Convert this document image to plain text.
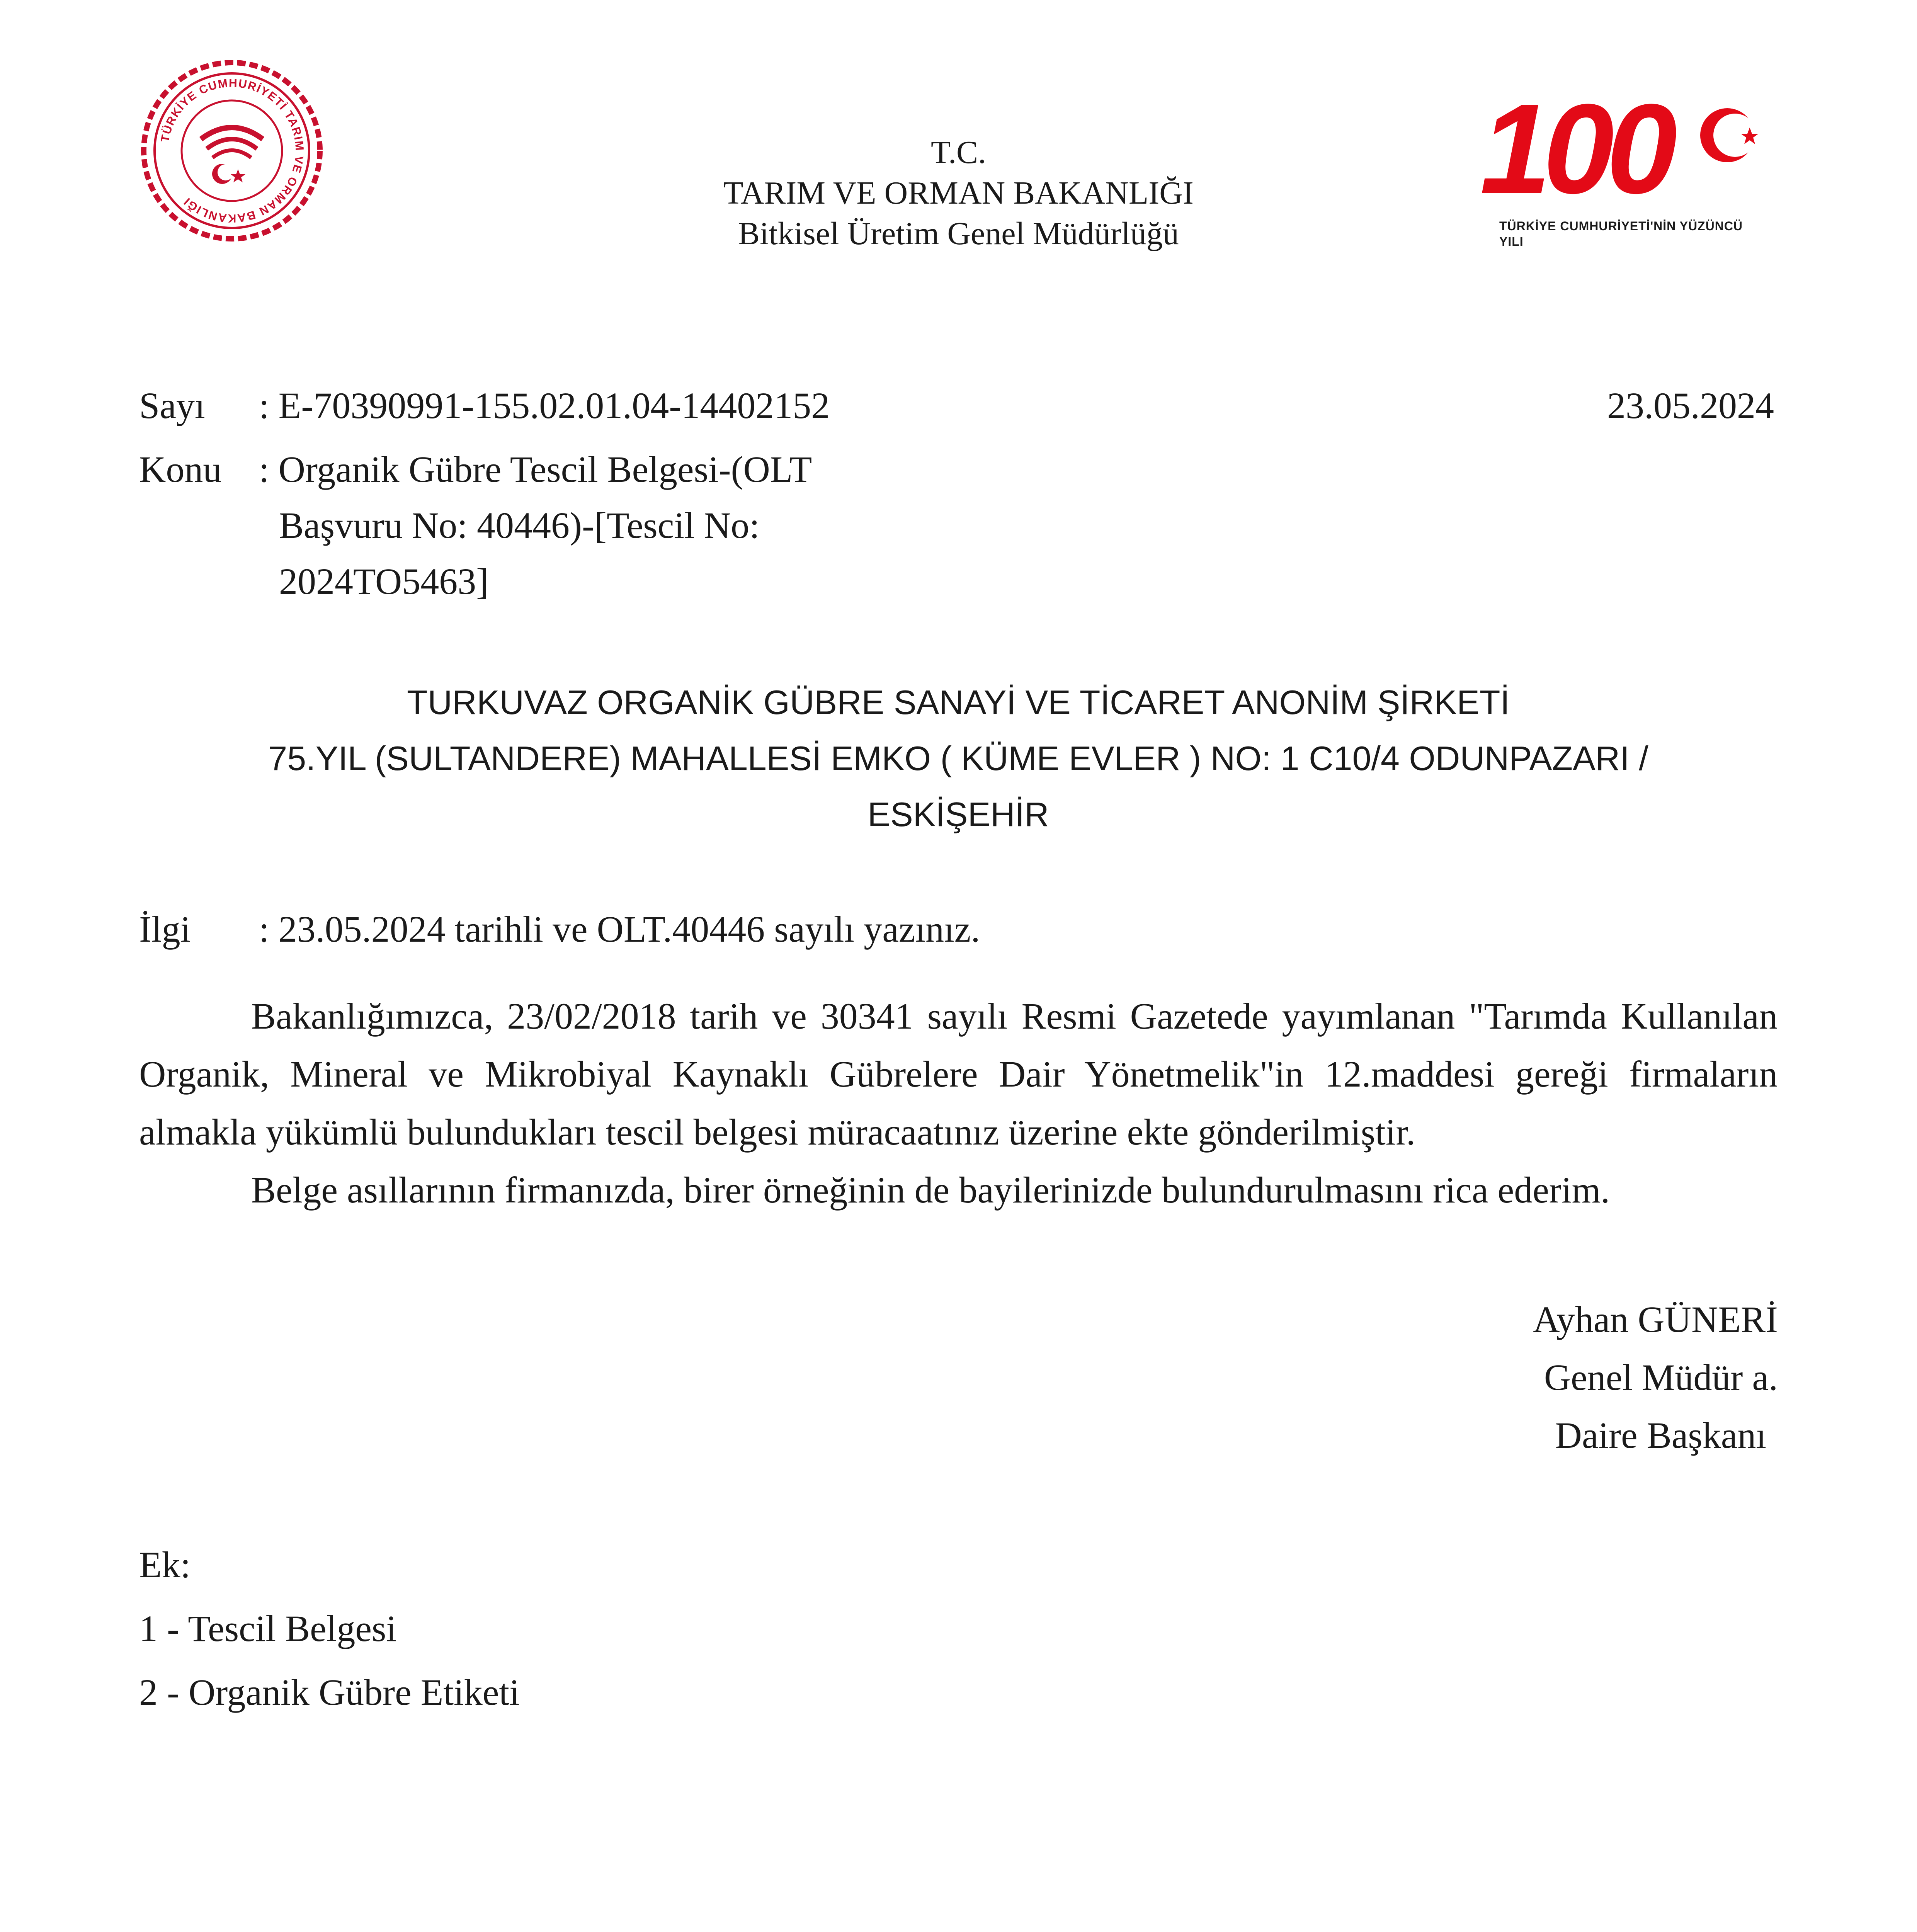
TÜRKİYE CUMHURİYETİ TARIM VE ORMAN BAKANLIĞI	100
TÜRKİYE CUMHURİYETİ'NİN YÜZÜNCÜ YILI
T.C.
TARIM VE ORMAN BAKANLIĞI
Bitkisel Üretim Genel Müdürlüğü
Sayı : E-70390991-155.02.01.04-14402152	23.05.2024
Konu : Organik Gübre Tescil Belgesi-(OLT
Başvuru No: 40446)-[Tescil No:
2024TO5463]
TURKUVAZ ORGANİK GÜBRE SANAYİ VE TİCARET ANONİM ŞİRKETİ
75.YIL (SULTANDERE) MAHALLESİ EMKO ( KÜME EVLER ) NO: 1 C10/4 ODUNPAZARI /
ESKİŞEHİR
İlgi : 23.05.2024 tarihli ve OLT.40446 sayılı yazınız.
Bakanlığımızca, 23/02/2018 tarih ve 30341 sayılı Resmi Gazetede yayımlanan "Tarımda Kullanılan Organik, Mineral ve Mikrobiyal Kaynaklı Gübrelere Dair Yönetmelik"in 12.maddesi gereği firmaların almakla yükümlü bulundukları tescil belgesi müracaatınız üzerine ekte gönderilmiştir.
Belge asıllarının firmanızda, birer örneğinin de bayilerinizde bulundurulmasını rica ederim.
Ayhan GÜNERİ
Genel Müdür a.
Daire Başkanı
Ek:
1 - Tescil Belgesi
2 - Organik Gübre Etiketi
